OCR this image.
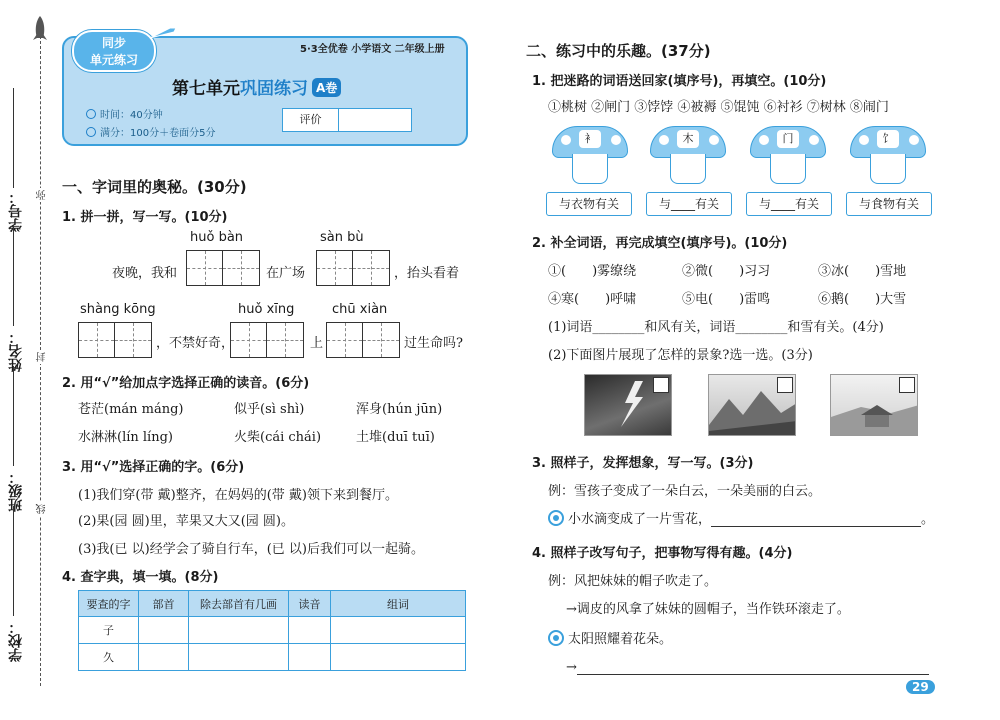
学号：
姓名：
班级：
学校：
弥
封
线
同步
单元练习
5·3全优卷 小学语文 二年级上册
第七单元巩固练习 A卷
时间：40分钟
满分：100分＋卷面分5分
评价
一、字词里的奥秘。(30分)
1. 拼一拼，写一写。(10分)
huǒ bàn	sàn bù
夜晚，我和	在广场	，抬头看着
shàng kōng	huǒ xīng	chū xiàn
，不禁好奇，	上	过生命吗?
2. 用“√”给加点字选择正确的读音。(6分)
苍茫(mán máng)	似乎(sì shì)	浑身(hún jūn)
水淋淋(lín líng)	火柴(cái chái)	土堆(duī tuī)
3. 用“√”选择正确的字。(6分)
(1)我们穿(带 戴)整齐，在妈妈的(带 戴)领下来到餐厅。
(2)果(园 圆)里，苹果又大又(园 圆)。
(3)我(已 以)经学会了骑自行车，(已 以)后我们可以一起骑。
4. 查字典，填一填。(8分)
要查的字	部首	除去部首有几画	读音	组词
子				
久				
二、练习中的乐趣。(37分)
1. 把迷路的词语送回家(填序号)，再填空。(10分)
①桃树 ②闸门 ③饽饽 ④被褥 ⑤馄饨 ⑥衬衫 ⑦树林 ⑧闹门
衤	木	门	饣
与衣物有关	与____有关	与____有关	与食物有关
2. 补全词语，再完成填空(填序号)。(10分)
①(　　)雾缭绕	②微(　　)习习	③冰(　　)雪地
④寒(　　)呼啸	⑤电(　　)雷鸣	⑥鹅(　　)大雪
(1)词语________和风有关，词语________和雪有关。(4分)
(2)下面图片展现了怎样的景象?选一选。(3分)
3. 照样子，发挥想象，写一写。(3分)
例：雪孩子变成了一朵白云，一朵美丽的白云。
小水滴变成了一片雪花，	。
4. 照样子改写句子，把事物写得有趣。(4分)
例：风把妹妹的帽子吹走了。
→调皮的风拿了妹妹的圆帽子，当作铁环滚走了。
太阳照耀着花朵。
→
29
